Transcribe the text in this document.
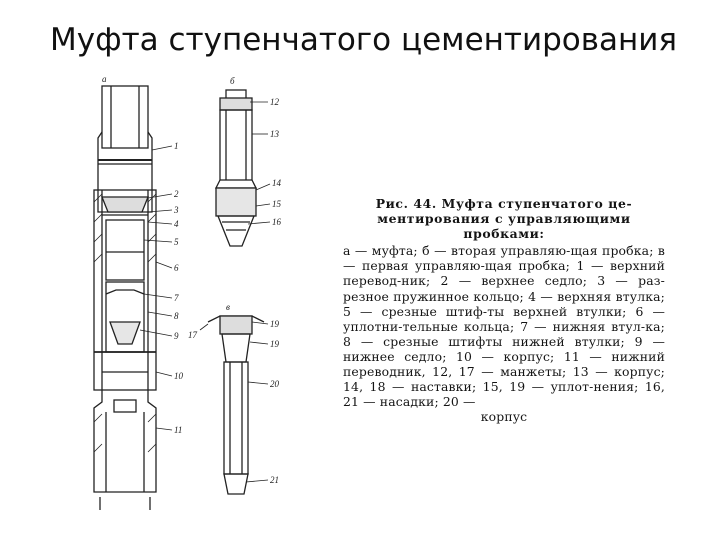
Муфта ступенчатого цементирования
а	б
в
1
2
3
4
5
6
7
8
9
10
11
12
13
14
15
16
17
19
19
20
21
Рис. 44. Муфта ступенчатого це-
ментирования с управляющими
пробками:
а — муфта; б — вторая управляю-щая пробка; в — первая управляю-щая пробка; 1 — верхний перевод-ник; 2 — верхнее седло; 3 — раз-резное пружинное кольцо; 4 — верхняя втулка; 5 — срезные штиф-ты верхней втулки; 6 — уплотни-тельные кольца; 7 — нижняя втул-ка; 8 — срезные штифты нижней втулки; 9 — нижнее седло; 10 — корпус; 11 — нижний переводник, 12, 17 — манжеты; 13 — корпус; 14, 18 — наставки; 15, 19 — уплот-нения; 16, 21 — насадки; 20 —
корпус
